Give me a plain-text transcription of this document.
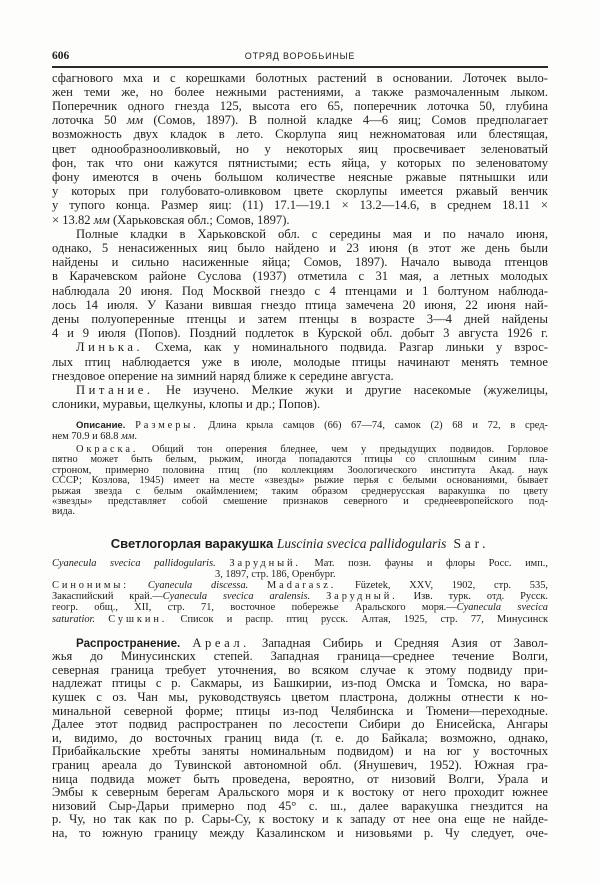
606	ОТРЯД ВОРОБЬИНЫЕ
сфагнового мха и с корешками болотных растений в основании. Лоточек выло-
жен теми же, но более нежными растениями, а также размочаленным лыком.
Поперечник одного гнезда 125, высота его 65, поперечник лоточка 50, глубина
лоточка 50 мм (Сомов, 1897). В полной кладке 4—6 яиц; Сомов предполагает
возможность двух кладок в лето. Скорлупа яиц нежноматовая или блестящая,
цвет однообразнооливковый, но у некоторых яиц просвечивает зеленоватый
фон, так что они кажутся пятнистыми; есть яйца, у которых по зеленоватому
фону имеются в очень большом количестве неясные ржавые пятнышки или
у которых при голубовато-оливковом цвете скорлупы имеется ржавый венчик
у тупого конца. Размер яиц: (11) 17.1—19.1 × 13.2—14.6, в среднем 18.11 ×
× 13.82 мм (Харьковская обл.; Сомов, 1897).
Полные кладки в Харьковской обл. с середины мая и по начало июня,
однако, 5 ненасиженных яиц было найдено и 23 июня (в этот же день были
найдены и сильно насиженные яйца; Сомов, 1897). Начало вывода птенцов
в Карачевском районе Суслова (1937) отметила с 31 мая, а летных молодых
наблюдала 20 июня. Под Москвой гнездо с 4 птенцами и 1 болтуном наблюда-
лось 14 июля. У Казани вившая гнездо птица замечена 20 июня, 22 июня най-
дены полуоперенные птенцы и затем птенцы в возрасте 3—4 дней найдены
4 и 9 июля (Попов). Поздний подлеток в Курской обл. добыт 3 августа 1926 г.
Линька. Схема, как у номинального подвида. Разгар линьки у взрос-
лых птиц наблюдается уже в июле, молодые птицы начинают менять темное
гнездовое оперение на зимний наряд ближе к середине августа.
Питание. Не изучено. Мелкие жуки и другие насекомые (жужелицы,
слоники, муравьи, щелкуны, клопы и др.; Попов).
Описание. Размеры. Длина крыла самцов (66) 67—74, самок (2) 68 и 72, в сред-
нем 70.9 и 68.8 мм.
Окраска. Общий тон оперения бледнее, чем у предыдущих подвидов. Горловое
пятно может быть белым, рыжим, иногда попадаются птицы со сплошным синим пла-
строном, примерно половина птиц (по коллекциям Зоологического института Акад. наук
СССР; Козлова, 1945) имеет на месте «звезды» рыжие перья с белыми основаниями, бывает
рыжая звезда с белым окаймлением; таким образом среднерусская варакушка по цвету
«звезды» представляет собой смешение признаков северного и среднеевропейского под-
вида.
Светлогорлая варакушка Luscinia svecica pallidogularis Sar.
Cyanecula svecica pallidogularis. Зарудный. Мат. позн. фауны и флоры Росс. имп.,
3, 1897, стр. 186, Оренбург.
Синонимы: Cyanecula discessa. Madarasz. Füzetek, XXV, 1902, стр. 535,
Закаспийский край.—Cyanecula svecica aralensis. Зарудный. Изв. турк. отд. Русск.
геогр. общ., XII, стр. 71, восточное побережье Аральского моря.—Cyanecula svecica
saturatior. Сушкин. Список и распр. птиц русск. Алтая, 1925, стр. 77, Минусинск
Распространение. Ареал. Западная Сибирь и Средняя Азия от Завол-
жья до Минусинских степей. Западная граница—среднее течение Волги,
северная граница требует уточнения, во всяком случае к этому подвиду при-
надлежат птицы с р. Сакмары, из Башкирии, из-под Омска и Томска, но вара-
кушек с оз. Чан мы, руководствуясь цветом пластрона, должны отнести к но-
минальной северной форме; птицы из-под Челябинска и Тюмени—переходные.
Далее этот подвид распространен по лесостепи Сибири до Енисейска, Ангары
и, видимо, до восточных границ вида (т. е. до Байкала; возможно, однако,
Прибайкальские хребты заняты номинальным подвидом) и на юг у восточных
границ ареала до Тувинской автономной обл. (Янушевич, 1952). Южная гра-
ница подвида может быть проведена, вероятно, от низовий Волги, Урала и
Эмбы к северным берегам Аральского моря и к востоку от него проходит южнее
низовий Сыр-Дарьи примерно под 45° с. ш., далее варакушка гнездится на
р. Чу, но так как по р. Сары-Су, к востоку и к западу от нее она еще не найде-
на, то южную границу между Казалинском и низовьями р. Чу следует, оче-
